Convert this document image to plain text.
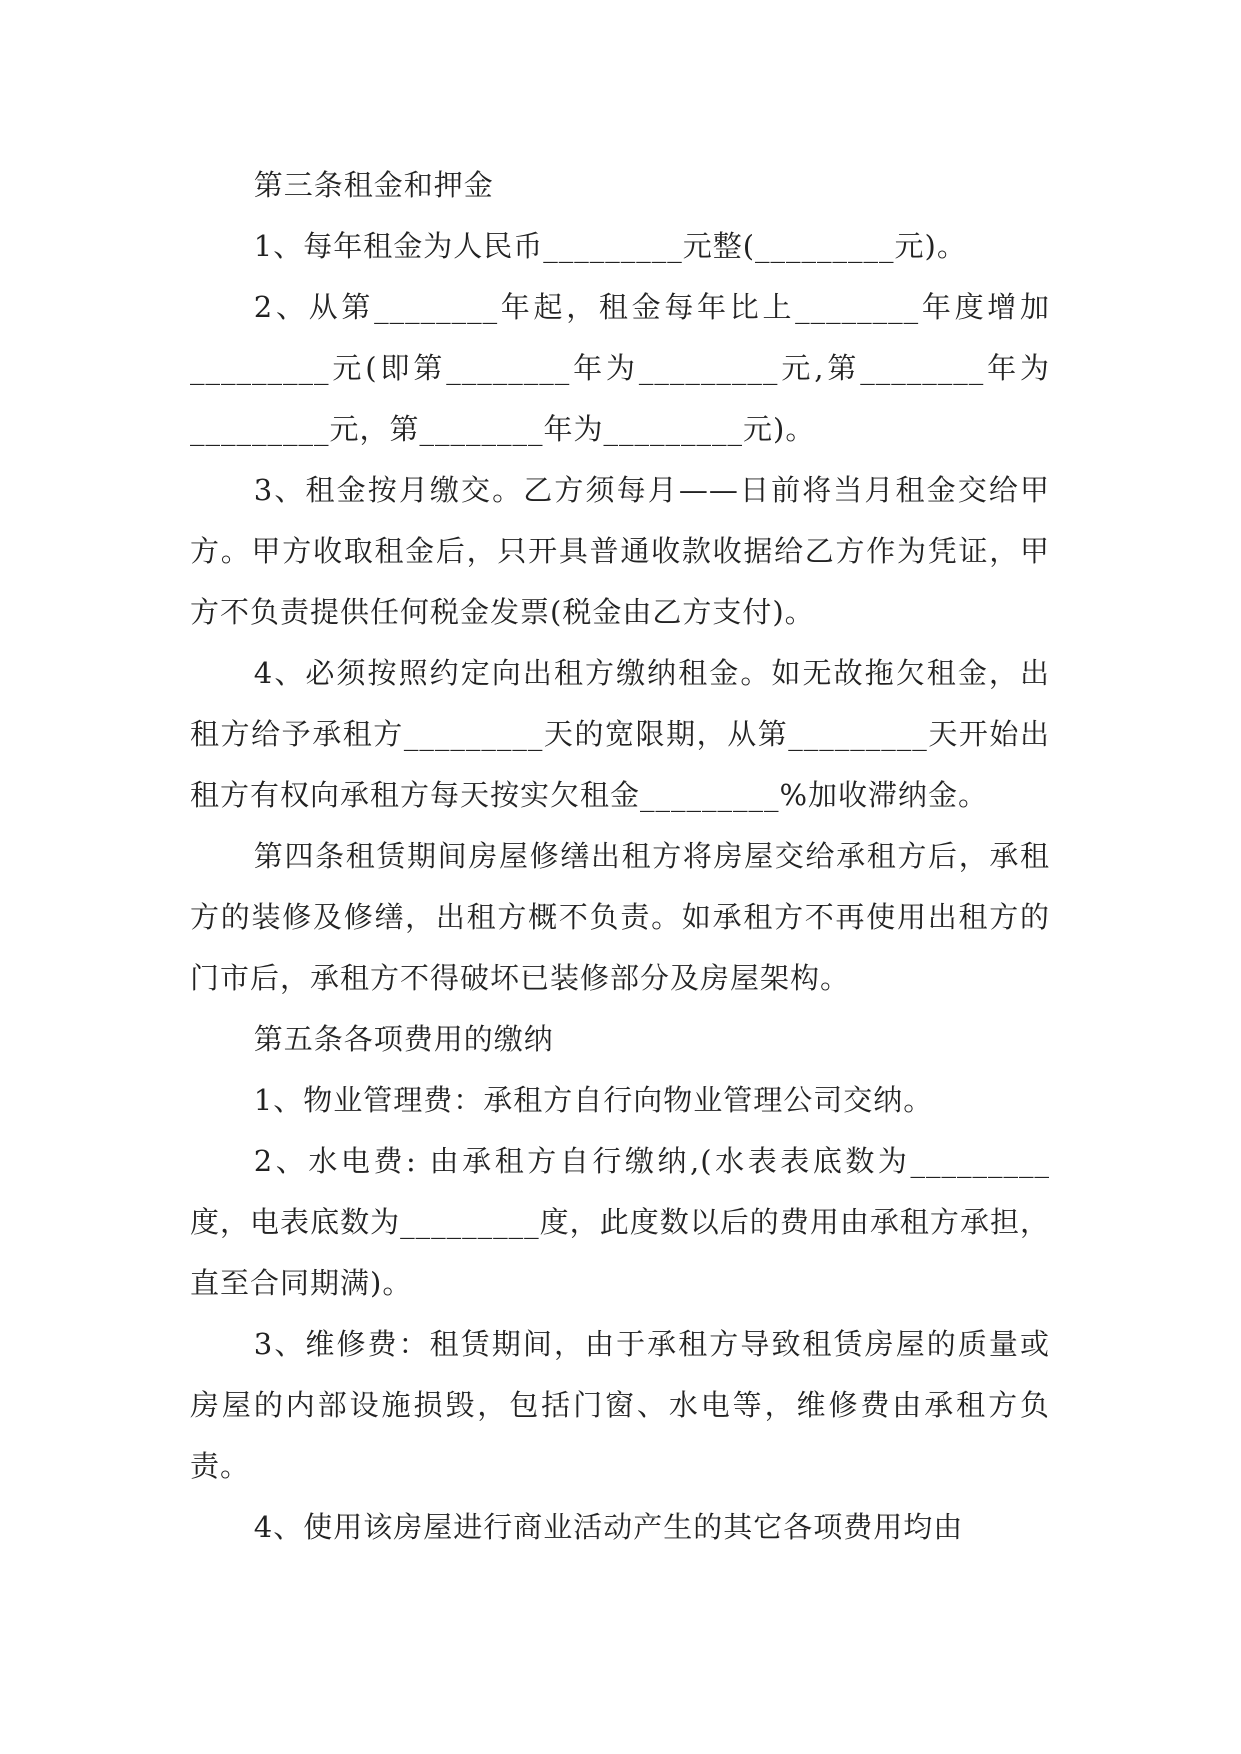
第三条租金和押金

1、每年租金为人民币_________元整(_________元)。

2、从第________年起，租金每年比上________年度增加_________元(即第________年为_________元,第________年为_________元，第________年为_________元)。

3、租金按月缴交。乙方须每月——日前将当月租金交给甲方。甲方收取租金后，只开具普通收款收据给乙方作为凭证，甲方不负责提供任何税金发票(税金由乙方支付)。

4、必须按照约定向出租方缴纳租金。如无故拖欠租金，出租方给予承租方_________天的宽限期，从第_________天开始出租方有权向承租方每天按实欠租金_________%加收滞纳金。

第四条租赁期间房屋修缮出租方将房屋交给承租方后，承租方的装修及修缮，出租方概不负责。如承租方不再使用出租方的门市后，承租方不得破坏已装修部分及房屋架构。

第五条各项费用的缴纳

1、物业管理费：承租方自行向物业管理公司交纳。

2、水电费: 由承租方自行缴纳,(水表表底数为_________度，电表底数为_________度，此度数以后的费用由承租方承担，直至合同期满)。

3、维修费：租赁期间，由于承租方导致租赁房屋的质量或房屋的内部设施损毁，包括门窗、水电等，维修费由承租方负责。

4、使用该房屋进行商业活动产生的其它各项费用均由
